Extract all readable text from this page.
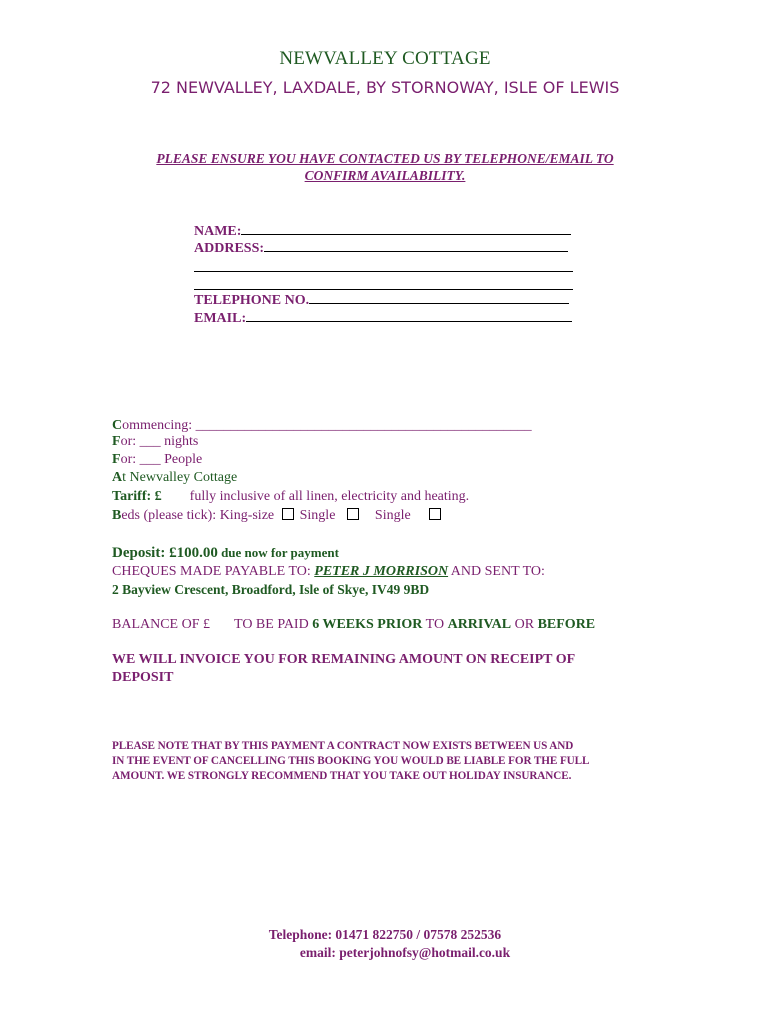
NEWVALLEY COTTAGE
72 NEWVALLEY, LAXDALE, BY STORNOWAY, ISLE OF LEWIS
PLEASE ENSURE YOU HAVE CONTACTED US BY TELEPHONE/EMAIL TO
CONFIRM AVAILABILITY.
NAME:
ADDRESS:
TELEPHONE NO.
EMAIL:
Commencing: ________________________________________________
For: ___ nights
For: ___ People
At Newvalley Cottage
Tariff: £ fully inclusive of all linen, electricity and heating.
Beds (please tick): King-size Single	Single
Deposit: £100.00 due now for payment
CHEQUES MADE PAYABLE TO: PETER J MORRISON AND SENT TO:
2 Bayview Crescent, Broadford, Isle of Skye, IV49 9BD
BALANCE OF £ TO BE PAID 6 WEEKS PRIOR TO ARRIVAL OR BEFORE
WE WILL INVOICE YOU FOR REMAINING AMOUNT ON RECEIPT OF
DEPOSIT
PLEASE NOTE THAT BY THIS PAYMENT A CONTRACT NOW EXISTS BETWEEN US AND
IN THE EVENT OF CANCELLING THIS BOOKING YOU WOULD BE LIABLE FOR THE FULL
AMOUNT. WE STRONGLY RECOMMEND THAT YOU TAKE OUT HOLIDAY INSURANCE.
Telephone: 01471 822750 / 07578 252536
email: peterjohnofsy@hotmail.co.uk
